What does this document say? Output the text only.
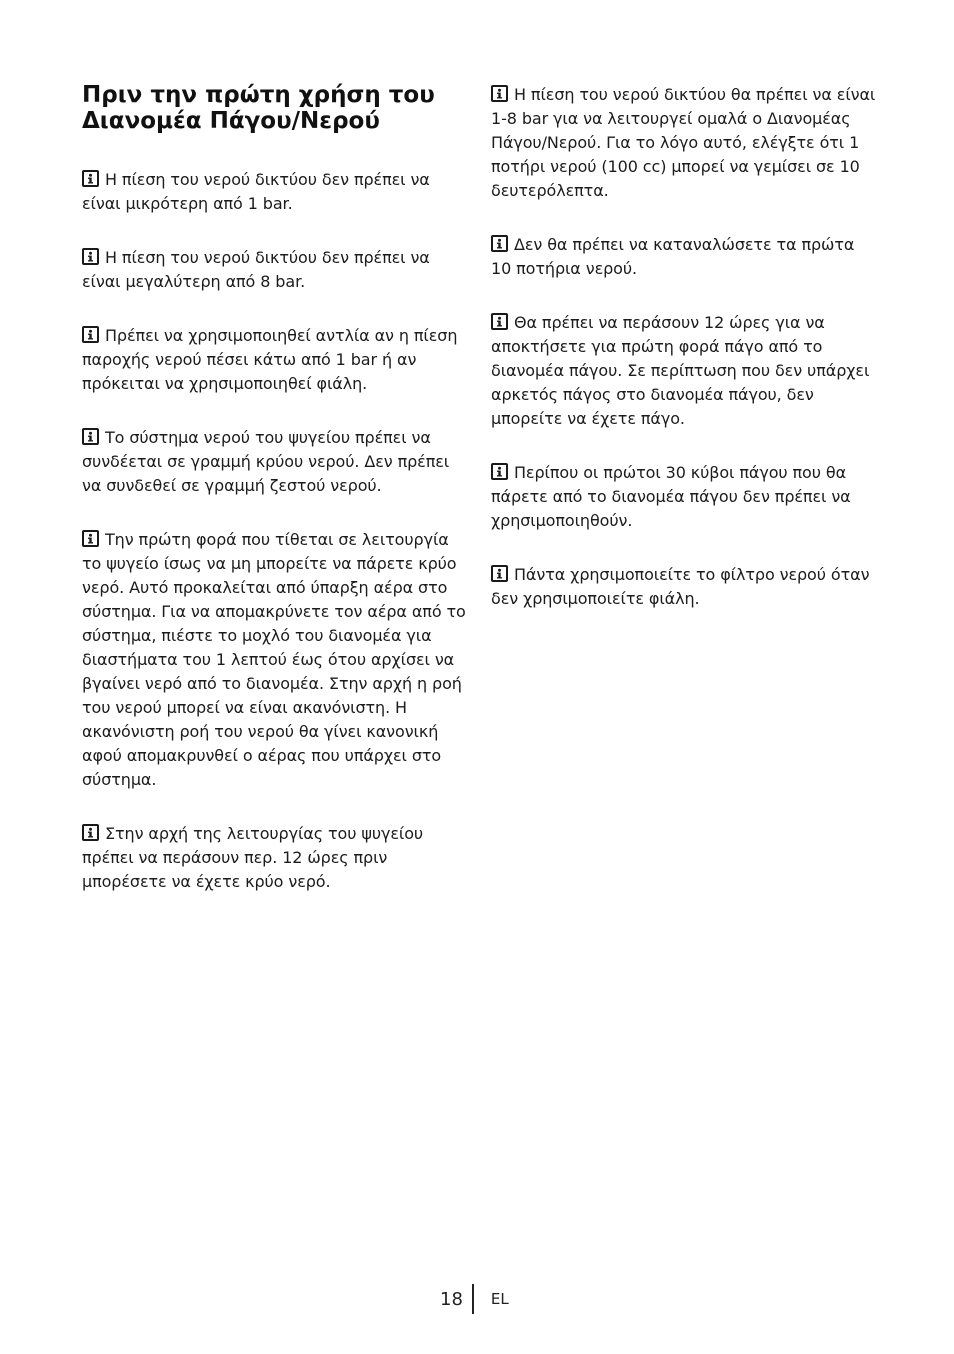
Πριν την πρώτη χρήση του Διανομέα Πάγου/Νερού

Η πίεση του νερού δικτύου δεν πρέπει να είναι μικρότερη από 1 bar.

Η πίεση του νερού δικτύου δεν πρέπει να είναι μεγαλύτερη από 8 bar.

Πρέπει να χρησιμοποιηθεί αντλία αν η πίεση παροχής νερού πέσει κάτω από 1 bar ή αν πρόκειται να χρησιμοποιηθεί φιάλη.

Το σύστημα νερού του ψυγείου πρέπει να συνδέεται σε γραμμή κρύου νερού. Δεν πρέπει να συνδεθεί σε γραμμή ζεστού νερού.

Την πρώτη φορά που τίθεται σε λειτουργία το ψυγείο ίσως να μη μπορείτε να πάρετε κρύο νερό. Αυτό προκαλείται από ύπαρξη αέρα στο σύστημα. Για να απομακρύνετε τον αέρα από το σύστημα, πιέστε το μοχλό του διανομέα για διαστήματα του 1 λεπτού έως ότου αρχίσει να βγαίνει νερό από το διανομέα. Στην αρχή η ροή του νερού μπορεί να είναι ακανόνιστη. Η ακανόνιστη ροή του νερού θα γίνει κανονική αφού απομακρυνθεί ο αέρας που υπάρχει στο σύστημα.

Στην αρχή της λειτουργίας του ψυγείου πρέπει να περάσουν περ. 12 ώρες πριν μπορέσετε να έχετε κρύο νερό.

Η πίεση του νερού δικτύου θα πρέπει να είναι 1-8 bar για να λειτουργεί ομαλά ο Διανομέας Πάγου/Νερού. Για το λόγο αυτό, ελέγξτε ότι 1 ποτήρι νερού (100 cc) μπορεί να γεμίσει σε 10 δευτερόλεπτα.

Δεν θα πρέπει να καταναλώσετε τα πρώτα 10 ποτήρια νερού.

Θα πρέπει να περάσουν 12 ώρες για να αποκτήσετε για πρώτη φορά πάγο από το διανομέα πάγου. Σε περίπτωση που δεν υπάρχει αρκετός πάγος στο διανομέα πάγου, δεν μπορείτε να έχετε πάγο.

Περίπου οι πρώτοι 30 κύβοι πάγου που θα πάρετε από το διανομέα πάγου δεν πρέπει να χρησιμοποιηθούν.

Πάντα χρησιμοποιείτε το φίλτρο νερού όταν δεν χρησιμοποιείτε φιάλη.

18	EL
